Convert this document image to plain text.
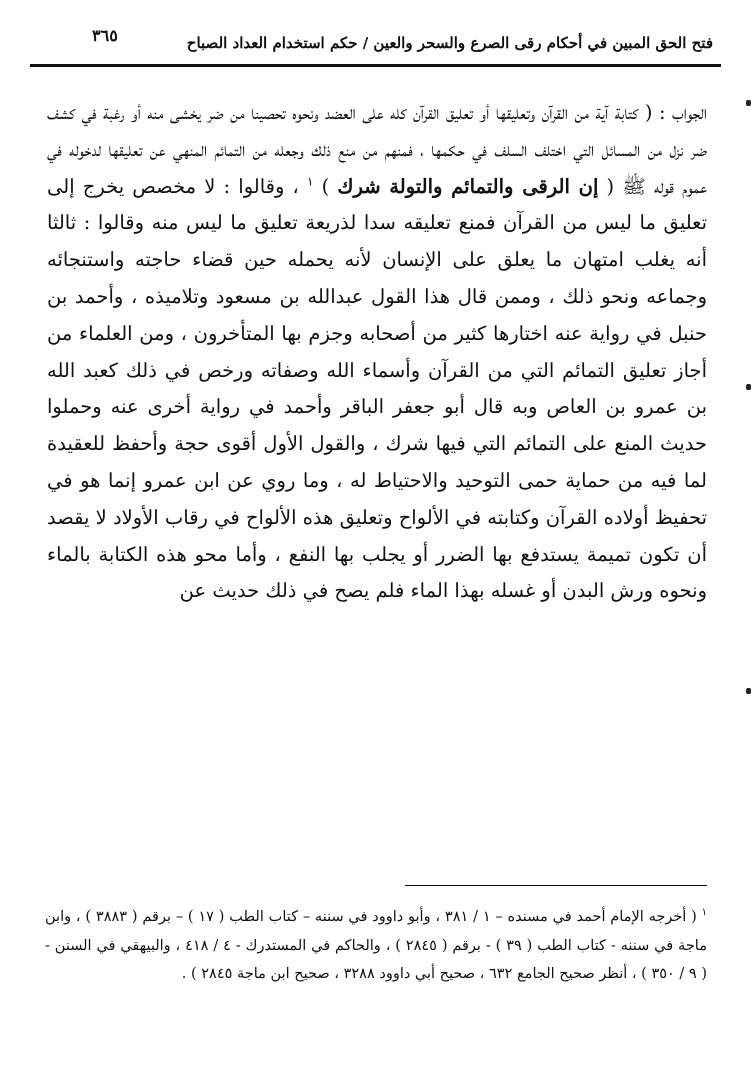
٣٦٥	فتح الحق المبين في أحكام رقى الصرع والسحر والعين / حكم استخدام العداد الصباح
الجواب : ( كتابة آية من القرآن وتعليقها أو تعليق القرآن كله على العضد ونحوه تحصينا من ضر يخشى منه أو رغبة في كشف ضر نزل من المسائل التي اختلف السلف في حكمها ، فمنهم من منع ذلك وجعله من التمائم المنهي عن تعليقها لدخوله في عموم قوله ﷺ ( إن الرقى والتمائم والتولة شرك ) $^١$ ، وقالوا : لا مخصص يخرج إلى تعليق ما ليس من القرآن فمنع تعليقه سدا لذريعة تعليق ما ليس منه وقالوا : ثالثا أنه يغلب امتهان ما يعلق على الإنسان لأنه يحمله حين قضاء حاجته واستنجائه وجماعه ونحو ذلك ، وممن قال هذا القول عبدالله بن مسعود وتلاميذه ، وأحمد بن حنبل في رواية عنه اختارها كثير من أصحابه وجزم بها المتأخرون ، ومن العلماء من أجاز تعليق التمائم التي من القرآن وأسماء الله وصفاته ورخص في ذلك كعبد الله بن عمرو بن العاص وبه قال أبو جعفر الباقر وأحمد في رواية أخرى عنه وحملوا حديث المنع على التمائم التي فيها شرك ، والقول الأول أقوى حجة وأحفظ للعقيدة لما فيه من حماية حمى التوحيد والاحتياط له ، وما روي عن ابن عمرو إنما هو في تحفيظ أولاده القرآن وكتابته في الألواح وتعليق هذه الألواح في رقاب الأولاد لا يقصد أن تكون تميمة يستدفع بها الضرر أو يجلب بها النفع ، وأما محو هذه الكتابة بالماء ونحوه ورش البدن أو غسله بهذا الماء فلم يصح في ذلك حديث عن
$^١$ ( أخرجه الإمام أحمد في مسنده – ١ / ٣٨١ ، وأبو داوود في سننه – كتاب الطب ( ١٧ ) – برقم ( ٣٨٨٣ ) ، وابن ماجة في سننه - كتاب الطب ( ٣٩ ) - برقم ( ٢٨٤٥ ) ، والحاكم في المستدرك - ٤ / ٤١٨ ، والبيهقي في السنن - ( ٩ / ٣٥٠ ) ، أنظر صحيح الجامع ٦٣٢ ، صحيح أبي داوود ٣٢٨٨ ، صحيح ابن ماجة ٢٨٤٥ ) .
